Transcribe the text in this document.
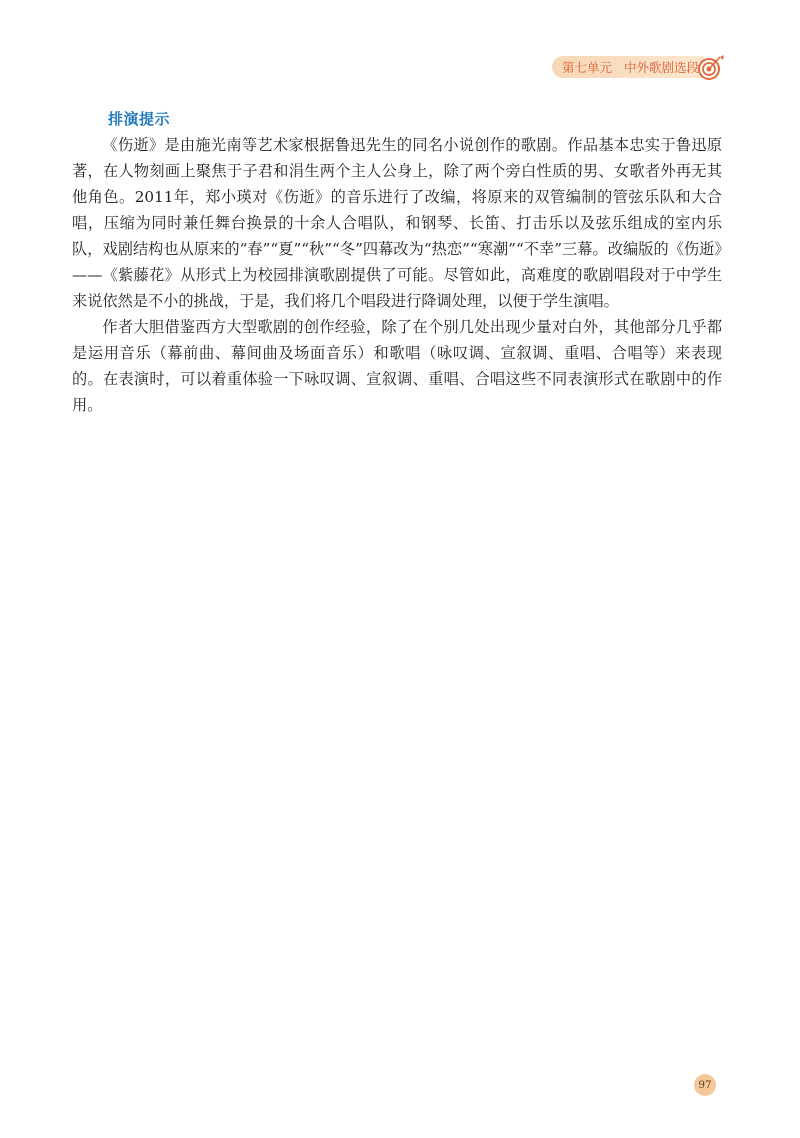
第七单元 中外歌剧选段
排演提示

《伤逝》是由施光南等艺术家根据鲁迅先生的同名小说创作的歌剧。作品基本忠实于鲁迅原著，在人物刻画上聚焦于子君和涓生两个主人公身上，除了两个旁白性质的男、女歌者外再无其他角色。2011年，郑小瑛对《伤逝》的音乐进行了改编，将原来的双管编制的管弦乐队和大合唱，压缩为同时兼任舞台换景的十余人合唱队，和钢琴、长笛、打击乐以及弦乐组成的室内乐队，戏剧结构也从原来的“春”“夏”“秋”“冬”四幕改为“热恋”“寒潮”“不幸”三幕。改编版的《伤逝》——《紫藤花》从形式上为校园排演歌剧提供了可能。尽管如此，高难度的歌剧唱段对于中学生来说依然是不小的挑战，于是，我们将几个唱段进行降调处理，以便于学生演唱。

作者大胆借鉴西方大型歌剧的创作经验，除了在个别几处出现少量对白外，其他部分几乎都是运用音乐（幕前曲、幕间曲及场面音乐）和歌唱（咏叹调、宣叙调、重唱、合唱等）来表现的。在表演时，可以着重体验一下咏叹调、宣叙调、重唱、合唱这些不同表演形式在歌剧中的作用。

97
